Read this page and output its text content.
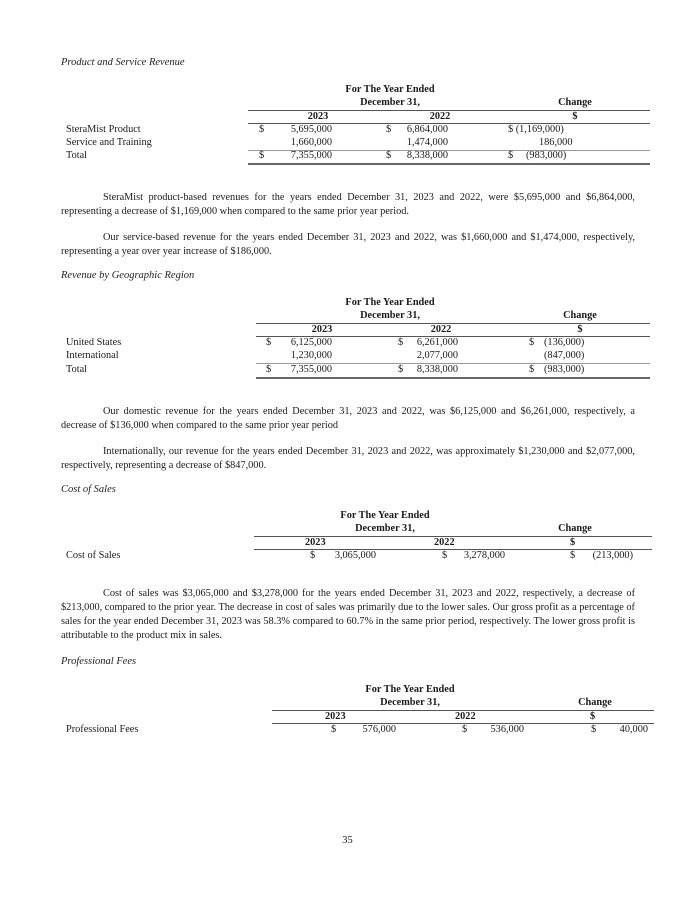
Product and Service Revenue
For The Year Ended
December 31,	Change
2023	2022	$
SteraMist Product	$	5,695,000	$	6,864,000	$ (1,169,000)
Service and Training	1,660,000	1,474,000	186,000
Total	$	7,355,000	$	8,338,000	$ (983,000)
SteraMist product-based revenues for the years ended December 31, 2023 and 2022, were $5,695,000 and $6,864,000, representing a decrease of $1,169,000 when compared to the same prior year period.
Our service-based revenue for the years ended December 31, 2023 and 2022, was $1,660,000 and $1,474,000, respectively, representing a year over year increase of $186,000.
Revenue by Geographic Region
For The Year Ended
December 31,	Change
2023	2022	$
United States	$	6,125,000	$	6,261,000	$ (136,000)
International	1,230,000	2,077,000	(847,000)
Total	$	7,355,000	$	8,338,000	$ (983,000)
Our domestic revenue for the years ended December 31, 2023 and 2022, was $6,125,000 and $6,261,000, respectively, a decrease of $136,000 when compared to the same prior year period
Internationally, our revenue for the years ended December 31, 2023 and 2022, was approximately $1,230,000 and $2,077,000, respectively, representing a decrease of $847,000.
Cost of Sales
For The Year Ended
December 31,	Change
2023	2022	$
Cost of Sales	$	3,065,000	$	3,278,000	$	(213,000)
Cost of sales was $3,065,000 and $3,278,000 for the years ended December 31, 2023 and 2022, respectively, a decrease of $213,000, compared to the prior year. The decrease in cost of sales was primarily due to the lower sales. Our gross profit as a percentage of sales for the year ended December 31, 2023 was 58.3% compared to 60.7% in the same prior period, respectively. The lower gross profit is attributable to the product mix in sales.
Professional Fees
For The Year Ended
December 31,	Change
2023	2022	$
Professional Fees	$	576,000	$	536,000	$	40,000
35
